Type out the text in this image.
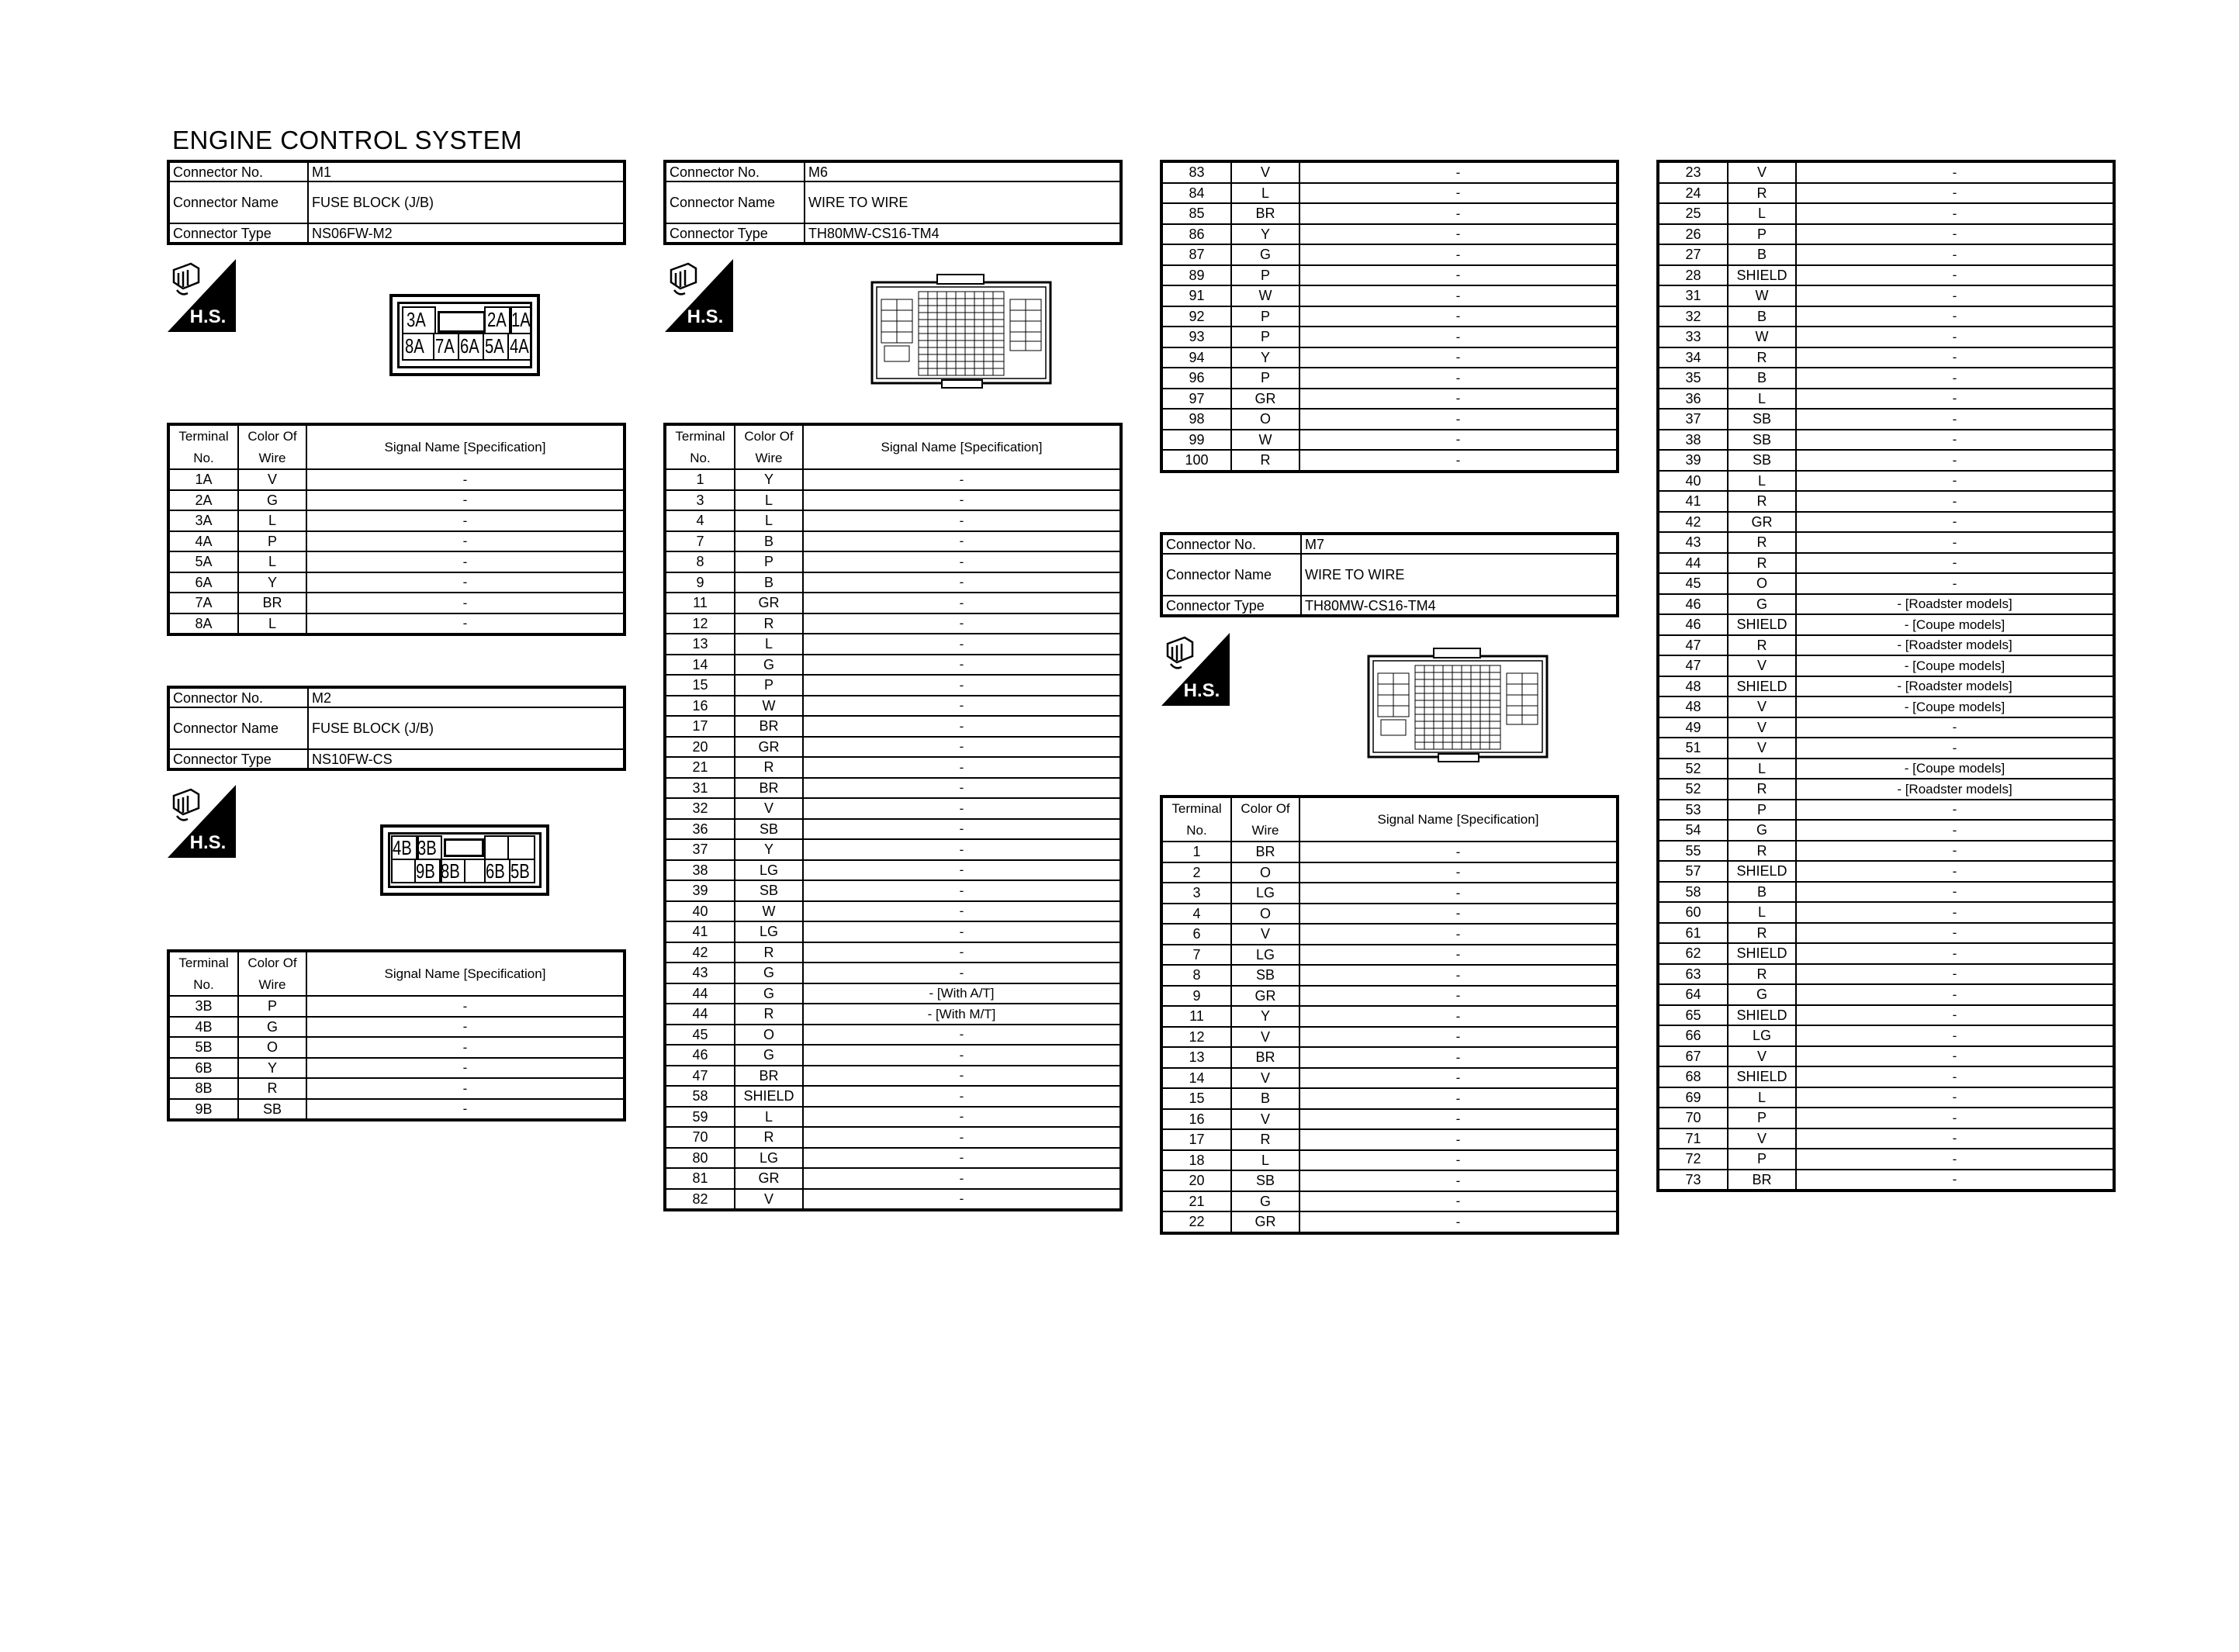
ENGINE CONTROL SYSTEM
Connector No.	M1
Connector Name	FUSE BLOCK (J/B)
Connector Type	NS06FW-M2
H.S.	3A	2A 1A
8A 7A 6A 5A 4A
Terminal No.	Color Of Wire	Signal Name [Specification]
1A	V	-
2A	G	-
3A	L	-
4A	P	-
5A	L	-
6A	Y	-
7A	BR	-
8A	L	-
Connector No.	M2
Connector Name	FUSE BLOCK (J/B)
Connector Type	NS10FW-CS
H.S.	4B 3B
9B 8B 6B 5B
Terminal No.	Color Of Wire	Signal Name [Specification]
3B	P	-
4B	G	-
5B	O	-
6B	Y	-
8B	R	-
9B	SB	-
Connector No.	M6
Connector Name	WIRE TO WIRE
Connector Type	TH80MW-CS16-TM4
H.S.
Terminal No.	Color Of Wire	Signal Name [Specification]
1	Y	-
3	L	-
4	L	-
7	B	-
8	P	-
9	B	-
11	GR	-
12	R	-
13	L	-
14	G	-
15	P	-
16	W	-
17	BR	-
20	GR	-
21	R	-
31	BR	-
32	V	-
36	SB	-
37	Y	-
38	LG	-
39	SB	-
40	W	-
41	LG	-
42	R	-
43	G	-
44	G	- [With A/T]
44	R	- [With M/T]
45	O	-
46	G	-
47	BR	-
58	SHIELD	-
59	L	-
70	R	-
80	LG	-
81	GR	-
82	V	-
83	V	-
84	L	-
85	BR	-
86	Y	-
87	G	-
89	P	-
91	W	-
92	P	-
93	P	-
94	Y	-
96	P	-
97	GR	-
98	O	-
99	W	-
100	R	-
Connector No.	M7
Connector Name	WIRE TO WIRE
Connector Type	TH80MW-CS16-TM4
H.S.
Terminal No.	Color Of Wire	Signal Name [Specification]
1	BR	-
2	O	-
3	LG	-
4	O	-
6	V	-
7	LG	-
8	SB	-
9	GR	-
11	Y	-
12	V	-
13	BR	-
14	V	-
15	B	-
16	V	-
17	R	-
18	L	-
20	SB	-
21	G	-
22	GR	-
23	V	-
24	R	-
25	L	-
26	P	-
27	B	-
28	SHIELD	-
31	W	-
32	B	-
33	W	-
34	R	-
35	B	-
36	L	-
37	SB	-
38	SB	-
39	SB	-
40	L	-
41	R	-
42	GR	-
43	R	-
44	R	-
45	O	-
46	G	- [Roadster models]
46	SHIELD	- [Coupe models]
47	R	- [Roadster models]
47	V	- [Coupe models]
48	SHIELD	- [Roadster models]
48	V	- [Coupe models]
49	V	-
51	V	-
52	L	- [Coupe models]
52	R	- [Roadster models]
53	P	-
54	G	-
55	R	-
57	SHIELD	-
58	B	-
60	L	-
61	R	-
62	SHIELD	-
63	R	-
64	G	-
65	SHIELD	-
66	LG	-
67	V	-
68	SHIELD	-
69	L	-
70	P	-
71	V	-
72	P	-
73	BR	-
